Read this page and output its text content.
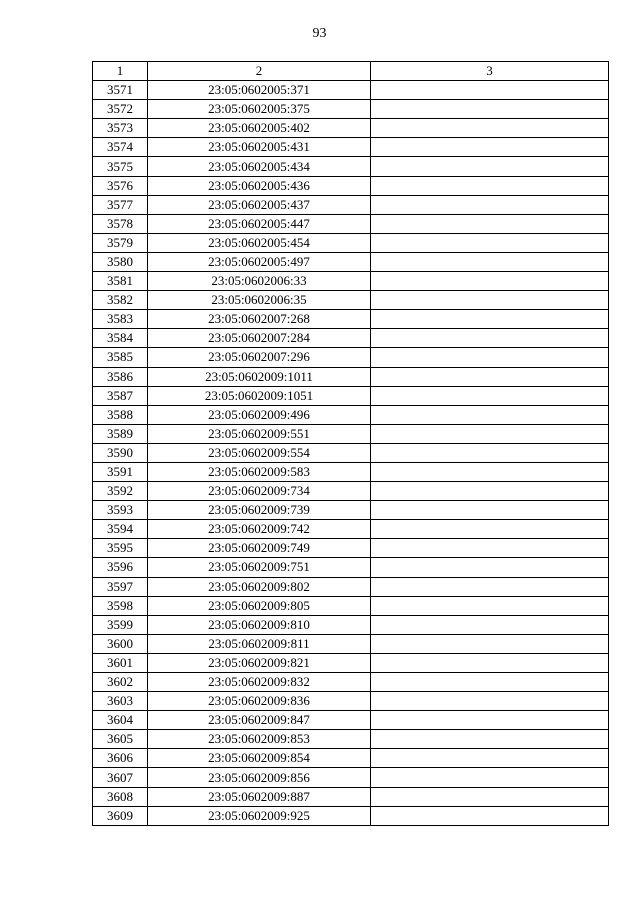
93
1	2	3
3571	23:05:0602005:371	
3572	23:05:0602005:375	
3573	23:05:0602005:402	
3574	23:05:0602005:431	
3575	23:05:0602005:434	
3576	23:05:0602005:436	
3577	23:05:0602005:437	
3578	23:05:0602005:447	
3579	23:05:0602005:454	
3580	23:05:0602005:497	
3581	23:05:0602006:33	
3582	23:05:0602006:35	
3583	23:05:0602007:268	
3584	23:05:0602007:284	
3585	23:05:0602007:296	
3586	23:05:0602009:1011	
3587	23:05:0602009:1051	
3588	23:05:0602009:496	
3589	23:05:0602009:551	
3590	23:05:0602009:554	
3591	23:05:0602009:583	
3592	23:05:0602009:734	
3593	23:05:0602009:739	
3594	23:05:0602009:742	
3595	23:05:0602009:749	
3596	23:05:0602009:751	
3597	23:05:0602009:802	
3598	23:05:0602009:805	
3599	23:05:0602009:810	
3600	23:05:0602009:811	
3601	23:05:0602009:821	
3602	23:05:0602009:832	
3603	23:05:0602009:836	
3604	23:05:0602009:847	
3605	23:05:0602009:853	
3606	23:05:0602009:854	
3607	23:05:0602009:856	
3608	23:05:0602009:887	
3609	23:05:0602009:925	
